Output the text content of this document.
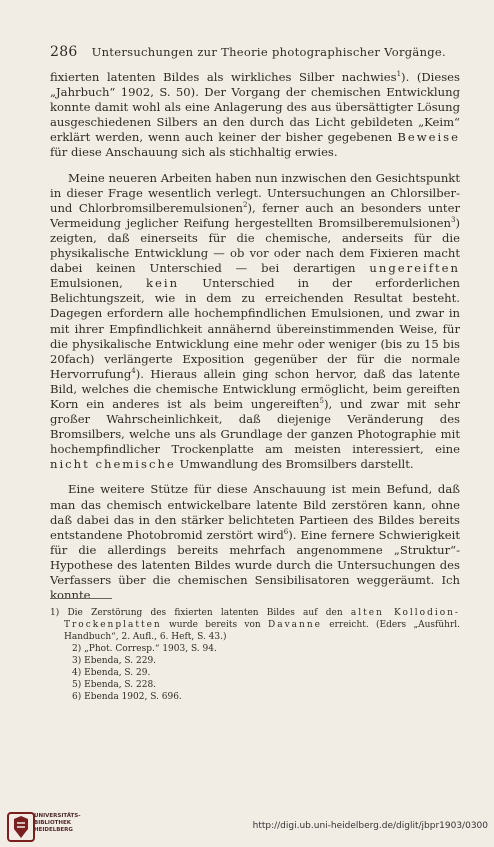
286 Untersuchungen zur Theorie photographischer Vorgänge.

fixierten latenten Bildes als wirkliches Silber nachwies$^1$). (Dieses „Jahrbuch“ 1902, S. 50). Der Vorgang der chemischen Entwicklung konnte damit wohl als eine Anlagerung des aus übersättigter Lösung ausgeschiedenen Silbers an den durch das Licht gebildeten „Keim“ erklärt werden, wenn auch keiner der bisher gegebenen Beweise für diese Anschauung sich als stichhaltig erwies.

Meine neueren Arbeiten haben nun inzwischen den Gesichtspunkt in dieser Frage wesentlich verlegt. Untersuchungen an Chlorsilber- und Chlorbromsilberemulsionen$^2$), ferner auch an besonders unter Vermeidung jeglicher Reifung hergestellten Bromsilberemulsionen$^3$) zeigten, daß einerseits für die chemische, anderseits für die physikalische Entwicklung — ob vor oder nach dem Fixieren macht dabei keinen Unterschied — bei derartigen ungereiften Emulsionen, kein Unterschied in der erforderlichen Belichtungszeit, wie in dem zu erreichenden Resultat besteht. Dagegen erfordern alle hochempfindlichen Emulsionen, und zwar in mit ihrer Empfindlichkeit annähernd übereinstimmenden Weise, für die physikalische Entwicklung eine mehr oder weniger (bis zu 15 bis 20fach) verlängerte Exposition gegenüber der für die normale Hervorrufung$^4$). Hieraus allein ging schon hervor, daß das latente Bild, welches die chemische Entwicklung ermöglicht, beim gereiften Korn ein anderes ist als beim ungereiften$^5$), und zwar mit sehr großer Wahrscheinlichkeit, daß diejenige Veränderung des Bromsilbers, welche uns als Grundlage der ganzen Photographie mit hochempfindlicher Trockenplatte am meisten interessiert, eine nicht chemische Umwandlung des Bromsilbers darstellt.

Eine weitere Stütze für diese Anschauung ist mein Befund, daß man das chemisch entwickelbare latente Bild zerstören kann, ohne daß dabei das in den stärker belichteten Partieen des Bildes bereits entstandene Photobromid zerstört wird$^6$). Eine fernere Schwierigkeit für die allerdings bereits mehrfach angenommene „Struktur“-Hypothese des latenten Bildes wurde durch die Untersuchungen des Verfassers über die chemischen Sensibilisatoren weggeräumt. Ich konnte

1) Die Zerstörung des fixierten latenten Bildes auf den alten Kollodion-Trockenplatten wurde bereits von Davanne erreicht. (Eders „Ausführl. Handbuch“, 2. Aufl., 6. Heft, S. 43.)

2) „Phot. Corresp.“ 1903, S. 94.

3) Ebenda, S. 229.

4) Ebenda, S. 29.

5) Ebenda, S. 228.

6) Ebenda 1902, S. 696.

UNIVERSITÄTS-
BIBLIOTHEK
HEIDELBERG	http://digi.ub.uni-heidelberg.de/diglit/jbpr1903/0300
